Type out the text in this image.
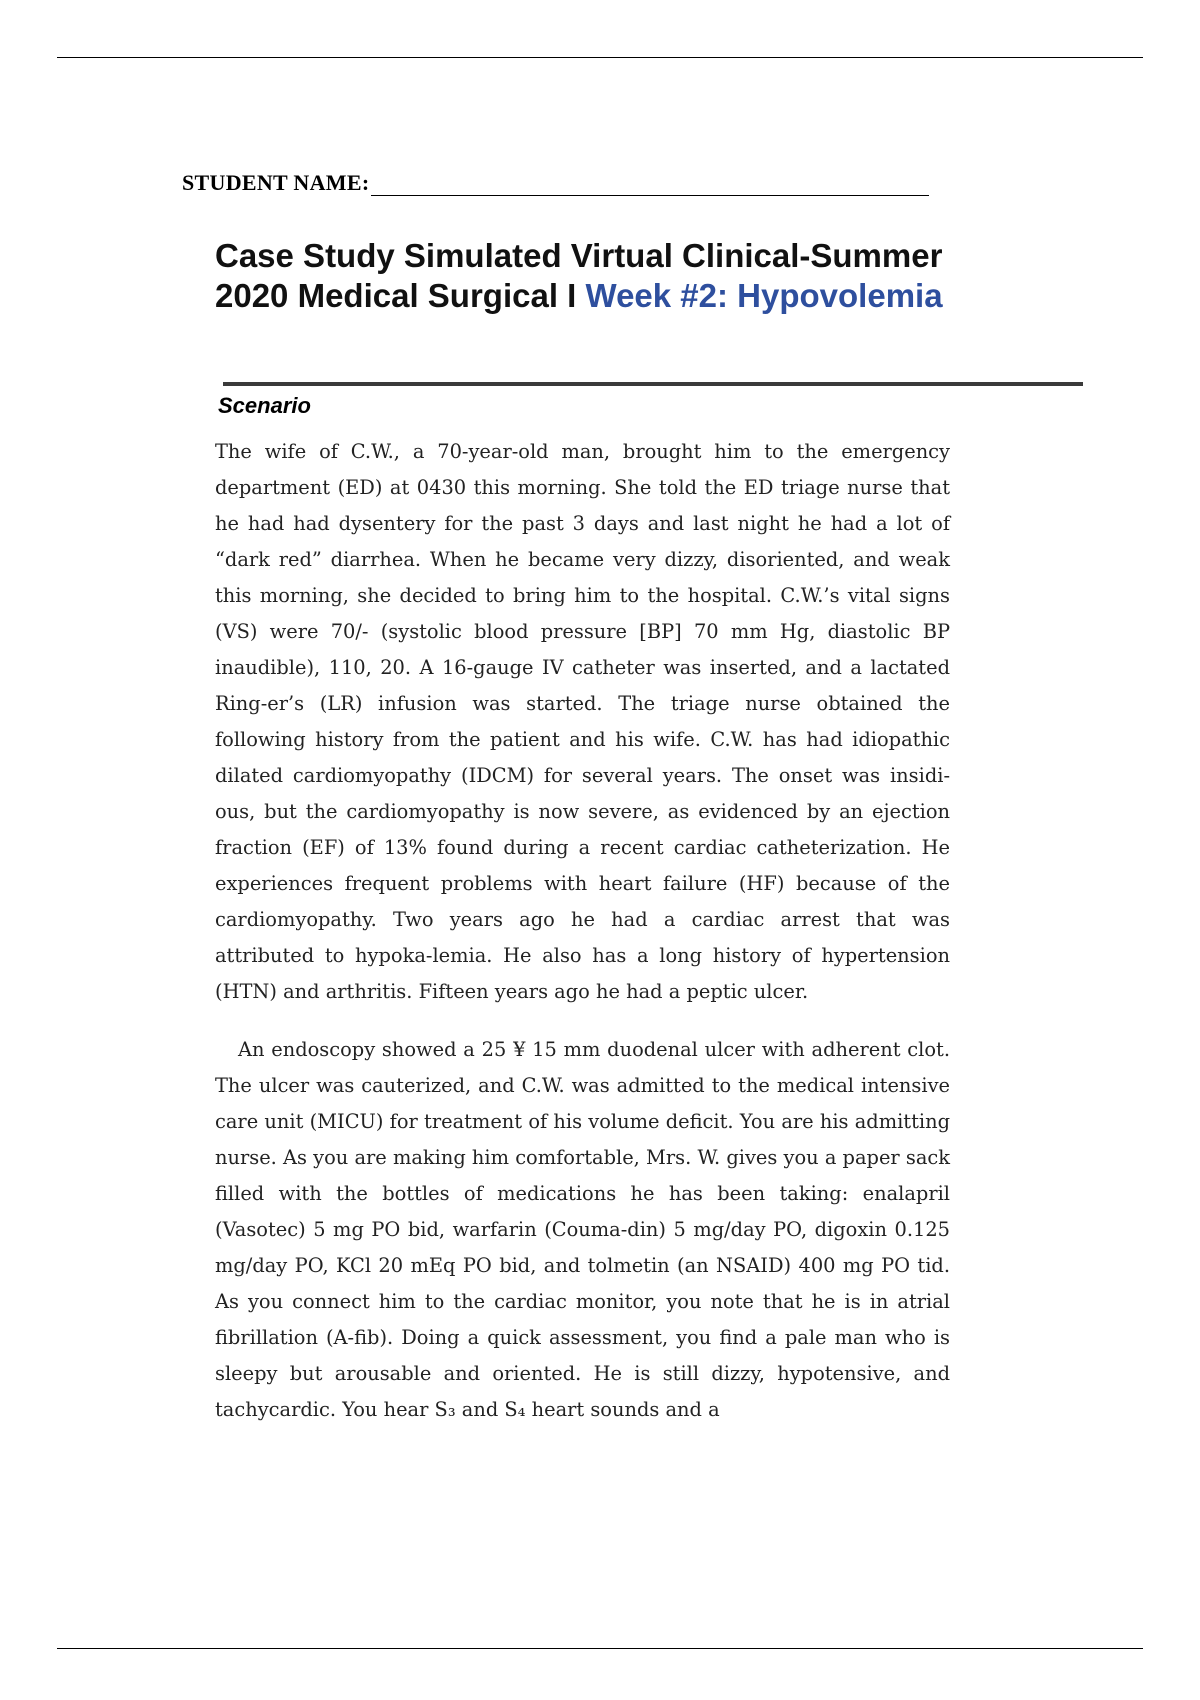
STUDENT NAME:
Case Study Simulated Virtual Clinical-Summer 2020 Medical Surgical I Week #2: Hypovolemia
Scenario

The wife of C.W., a 70-year-old man, brought him to the emergency department (ED) at 0430 this morning. She told the ED triage nurse that he had had dysentery for the past 3 days and last night he had a lot of “dark red” diarrhea. When he became very dizzy, disoriented, and weak this morning, she decided to bring him to the hospital. C.W.’s vital signs (VS) were 70/- (systolic blood pressure [BP] 70 mm Hg, diastolic BP inaudible), 110, 20. A 16-gauge IV catheter was inserted, and a lactated Ring-er’s (LR) infusion was started. The triage nurse obtained the following history from the patient and his wife. C.W. has had idiopathic dilated cardiomyopathy (IDCM) for several years. The onset was insidi-ous, but the cardiomyopathy is now severe, as evidenced by an ejection fraction (EF) of 13% found during a recent cardiac catheterization. He experiences frequent problems with heart failure (HF) because of the cardiomyopathy. Two years ago he had a cardiac arrest that was attributed to hypoka-lemia. He also has a long history of hypertension (HTN) and arthritis. Fifteen years ago he had a peptic ulcer.

An endoscopy showed a 25 ¥ 15 mm duodenal ulcer with adherent clot. The ulcer was cauterized, and C.W. was admitted to the medical intensive care unit (MICU) for treatment of his volume deficit. You are his admitting nurse. As you are making him comfortable, Mrs. W. gives you a paper sack filled with the bottles of medications he has been taking: enalapril (Vasotec) 5 mg PO bid, warfarin (Couma-din) 5 mg/day PO, digoxin 0.125 mg/day PO, KCl 20 mEq PO bid, and tolmetin (an NSAID) 400 mg PO tid. As you connect him to the cardiac monitor, you note that he is in atrial fibrillation (A-fib). Doing a quick assessment, you find a pale man who is sleepy but arousable and oriented. He is still dizzy, hypotensive, and tachycardic. You hear S₃ and S₄ heart sounds and a
